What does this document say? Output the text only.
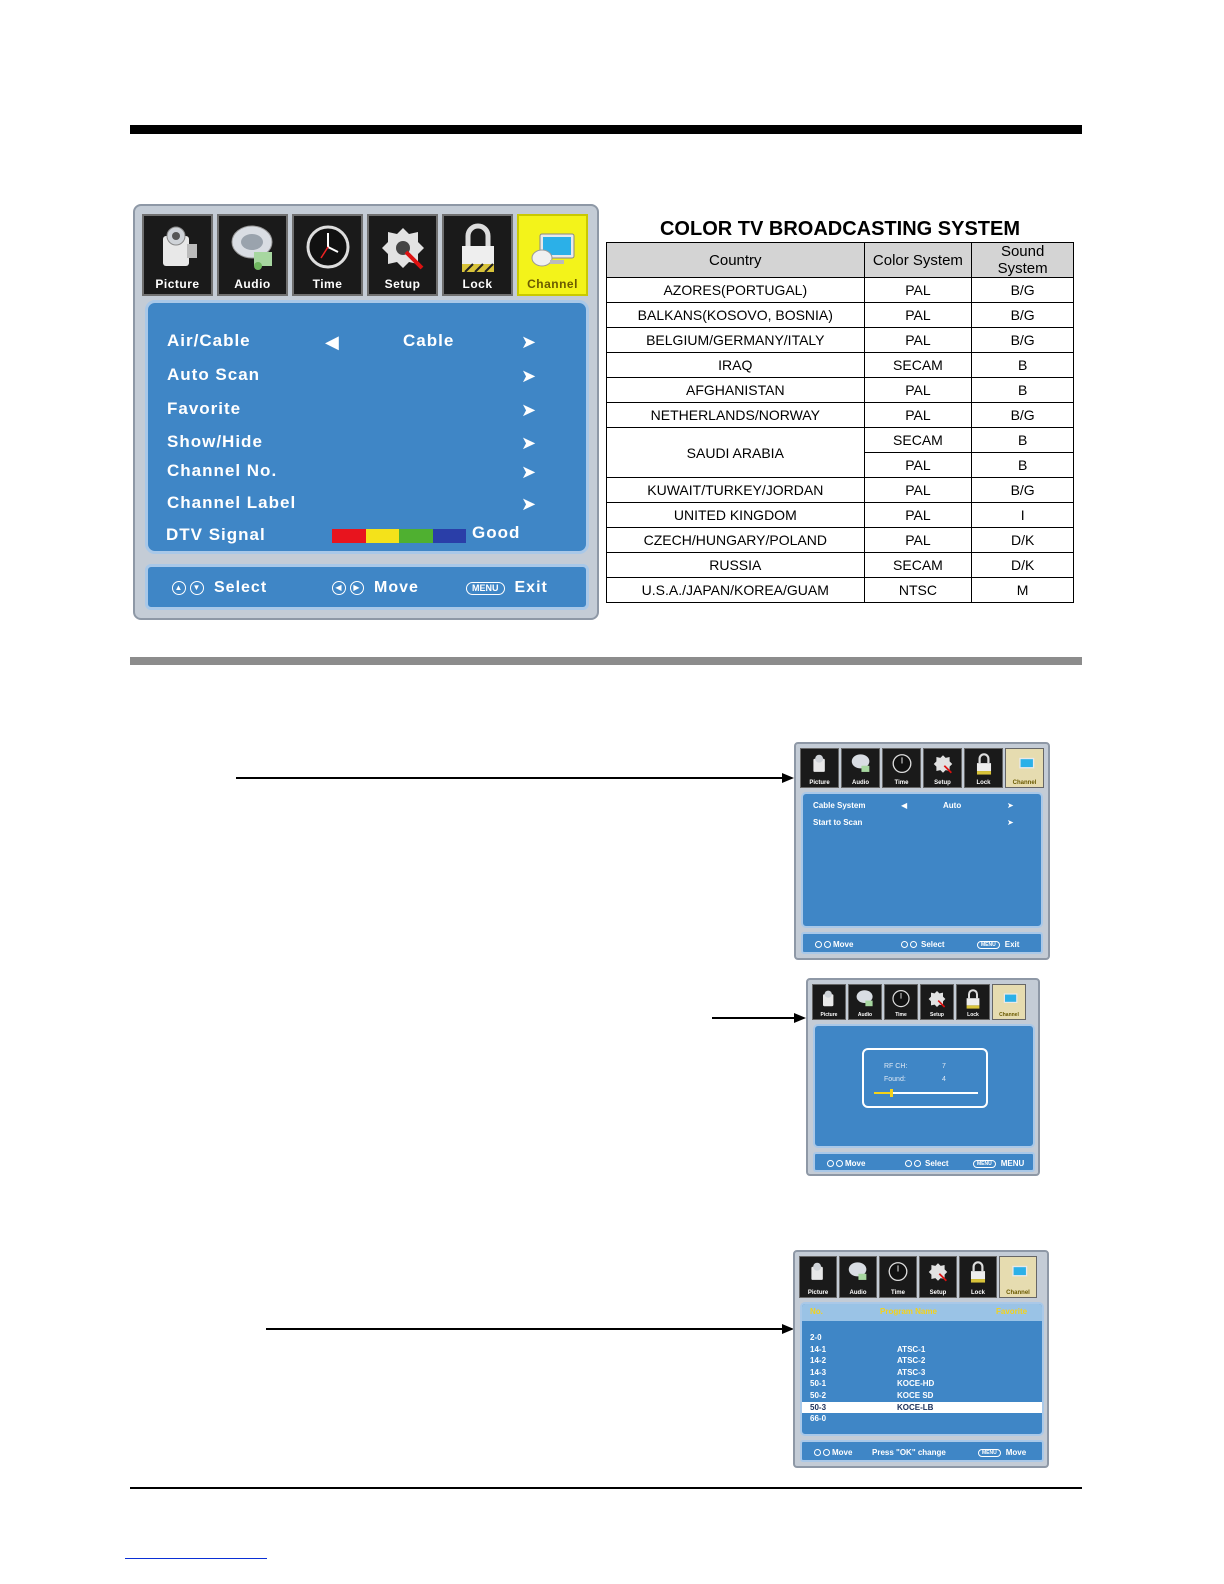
Picture	Audio	Time	Setup	Lock	Channel
Air/Cable	◀	Cable	➤
Auto Scan	➤
Favorite	➤
Show/Hide	➤
Channel No.	➤
Channel Label	➤
DTV Signal	Good
▲	▼ Select	◀	▶ Move	MENU	Exit
COLOR TV BROADCASTING SYSTEM
Country	Color System	Sound System
AZORES(PORTUGAL)	PAL	B/G
BALKANS(KOSOVO, BOSNIA)	PAL	B/G
BELGIUM/GERMANY/ITALY	PAL	B/G
IRAQ	SECAM	B
AFGHANISTAN	PAL	B
NETHERLANDS/NORWAY	PAL	B/G
SAUDI ARABIA	SECAM	B
	PAL	B
KUWAIT/TURKEY/JORDAN	PAL	B/G
UNITED KINGDOM	PAL	I
CZECH/HUNGARY/POLAND	PAL	D/K
RUSSIA	SECAM	D/K
U.S.A./JAPAN/KOREA/GUAM	NTSC	M
Picture	Audio	Time	Setup	Lock	Channel
Cable System	◀	Auto	➤
Start to Scan	➤
Move	Select	MENU	Exit
Picture	Audio	Time	Setup	Lock	Channel
RF CH:	7
Found:	4
Move	Select	MENU	MENU
Picture	Audio	Time	Setup	Lock	Channel
No.	Program Name	Favorite
2-0
14-1	ATSC-1
14-2	ATSC-2
14-3	ATSC-3
50-1	KOCE-HD
50-2	KOCE SD
50-3	KOCE-LB
66-0
Move Press "OK" change	MENU	Move
